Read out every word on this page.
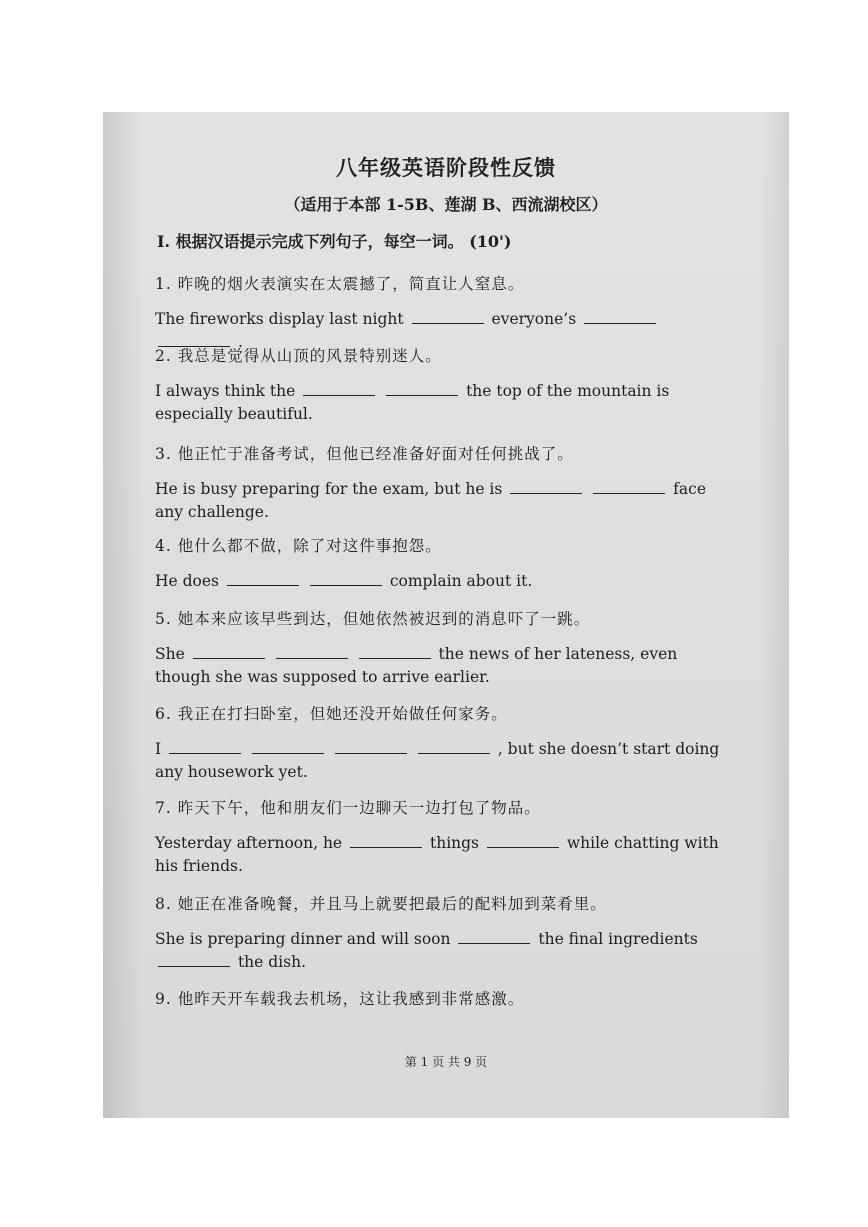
八年级英语阶段性反馈
（适用于本部 1-5B、莲湖 B、西流湖校区）
I. 根据汉语提示完成下列句子，每空一词。 (10')
1. 昨晚的烟火表演实在太震撼了，简直让人窒息。
The fireworks display last night	everyone’s   .
2. 我总是觉得从山顶的风景特别迷人。
I always think the	the top of the mountain is especially beautiful.
3. 他正忙于准备考试，但他已经准备好面对任何挑战了。
He is busy preparing for the exam, but he is	face any challenge.
4. 他什么都不做，除了对这件事抱怨。
He does	complain about it.
5. 她本来应该早些到达，但她依然被迟到的消息吓了一跳。
She	the news of her lateness, even though she was supposed to arrive earlier.
6. 我正在打扫卧室，但她还没开始做任何家务。
I	, but she doesn’t start doing any housework yet.
7. 昨天下午，他和朋友们一边聊天一边打包了物品。
Yesterday afternoon, he	things	while chatting with his friends.
8. 她正在准备晚餐，并且马上就要把最后的配料加到菜肴里。
She is preparing dinner and will soon	the final ingredients  the dish.
9. 他昨天开车载我去机场，这让我感到非常感激。
第 1 页 共 9 页
